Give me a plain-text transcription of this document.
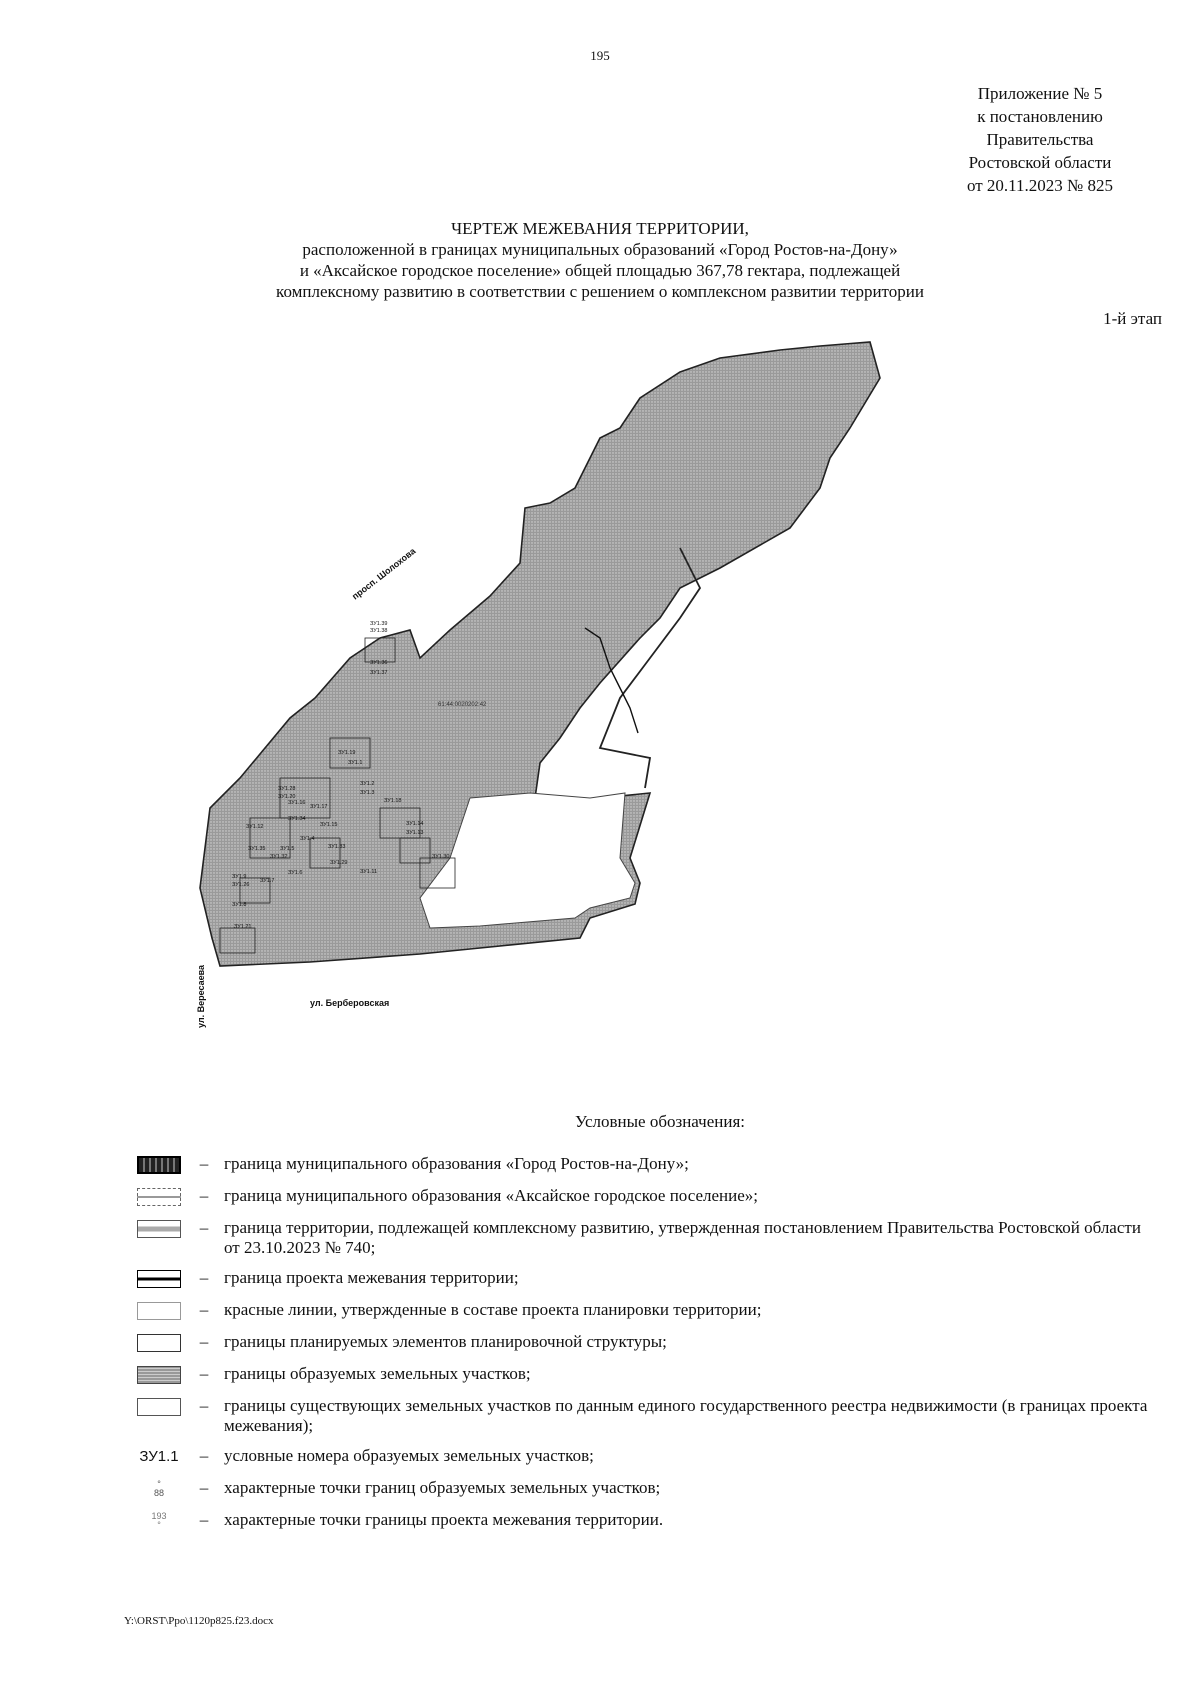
195
Приложение № 5
к постановлению
Правительства
Ростовской области
от 20.11.2023 № 825
ЧЕРТЕЖ МЕЖЕВАНИЯ ТЕРРИТОРИИ,
расположенной в границах муниципальных образований «Город Ростов-на-Дону»
и «Аксайское городское поселение» общей площадью 367,78 гектара, подлежащей
комплексному развитию в соответствии с решением о комплексном развитии территории
1-й этап
просп. Шолохова
ул. Берберовская
ул. Вересаева
61:44:0020202:42
ЗУ1.39
ЗУ1.38
ЗУ1.36
ЗУ1.37
ЗУ1.19
ЗУ1.1
ЗУ1.28
ЗУ1.20
ЗУ1.16
ЗУ1.2
ЗУ1.3
ЗУ1.17
ЗУ1.18
ЗУ1.12
ЗУ1.34
ЗУ1.15	ЗУ1.14
ЗУ1.13
ЗУ1.9
ЗУ1.26
ЗУ1.7
ЗУ1.8
ЗУ1.21
ЗУ1.30
ЗУ1.11
ЗУ1.4
ЗУ1.32
ЗУ1.5	ЗУ1.33
ЗУ1.35
ЗУ1.29
ЗУ1.6
Условные обозначения:
– граница муниципального образования «Город Ростов-на-Дону»;
– граница муниципального образования «Аксайское городское поселение»;
– граница территории, подлежащей комплексному развитию, утвержденная постановлением Правительства Ростовской области от 23.10.2023 № 740;
– граница проекта межевания территории;
– красные линии, утвержденные в составе проекта планировки территории;
– границы планируемых элементов планировочной структуры;
– границы образуемых земельных участков;
– границы существующих земельных участков по данным единого государственного реестра недвижимости (в границах проекта межевания);
ЗУ1.1	– условные номера образуемых земельных участков;
°
88	– характерные точки границ образуемых земельных участков;
193
°	– характерные точки границы проекта межевания территории.
Y:\ORST\Ppo\1120p825.f23.docx
